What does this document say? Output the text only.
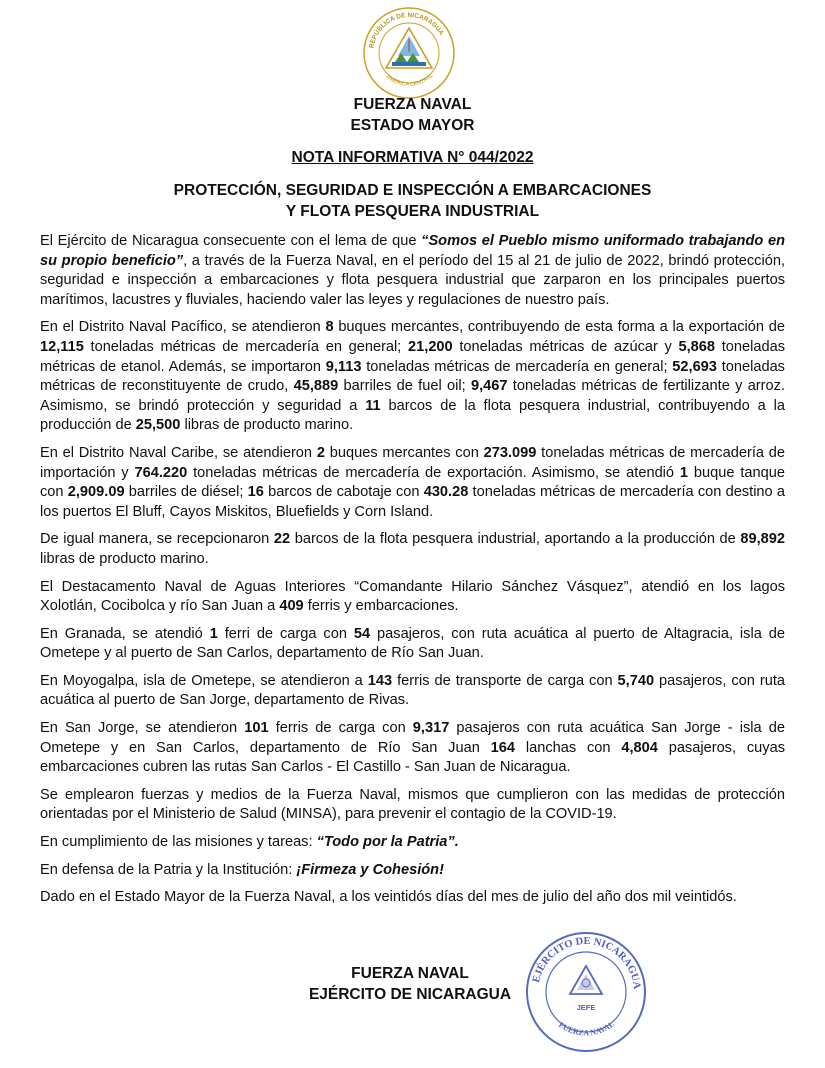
REPÚBLICA DE NICARAGUA
AMÉRICA CENTRAL
FUERZA NAVAL
ESTADO MAYOR
NOTA INFORMATIVA N° 044/2022
PROTECCIÓN, SEGURIDAD E INSPECCIÓN A EMBARCACIONES
Y FLOTA PESQUERA INDUSTRIAL

El Ejército de Nicaragua consecuente con el lema de que “Somos el Pueblo mismo uniformado trabajando en su propio beneficio”, a través de la Fuerza Naval, en el período del 15 al 21 de julio de 2022, brindó protección, seguridad e inspección a embarcaciones y flota pesquera industrial que zarparon en los principales puertos marítimos, lacustres y fluviales, haciendo valer las leyes y regulaciones de nuestro país.

En el Distrito Naval Pacífico, se atendieron 8 buques mercantes, contribuyendo de esta forma a la exportación de 12,115 toneladas métricas de mercadería en general; 21,200 toneladas métricas de azúcar y 5,868 toneladas métricas de etanol. Además, se importaron 9,113 toneladas métricas de mercadería en general; 52,693 toneladas métricas de reconstituyente de crudo, 45,889 barriles de fuel oil; 9,467 toneladas métricas de fertilizante y arroz. Asimismo, se brindó protección y seguridad a 11 barcos de la flota pesquera industrial, contribuyendo a la producción de 25,500 libras de producto marino.

En el Distrito Naval Caribe, se atendieron 2 buques mercantes con 273.099 toneladas métricas de mercadería de importación y 764.220 toneladas métricas de mercadería de exportación. Asimismo, se atendió 1 buque tanque con 2,909.09 barriles de diésel; 16 barcos de cabotaje con 430.28 toneladas métricas de mercadería con destino a los puertos El Bluff, Cayos Miskitos, Bluefields y Corn Island.

De igual manera, se recepcionaron 22 barcos de la flota pesquera industrial, aportando a la producción de 89,892 libras de producto marino.

El Destacamento Naval de Aguas Interiores “Comandante Hilario Sánchez Vásquez”, atendió en los lagos Xolotlán, Cocibolca y río San Juan a 409 ferris y embarcaciones.

En Granada, se atendió 1 ferri de carga con 54 pasajeros, con ruta acuática al puerto de Altagracia, isla de Ometepe y al puerto de San Carlos, departamento de Río San Juan.

En Moyogalpa, isla de Ometepe, se atendieron a 143 ferris de transporte de carga con 5,740 pasajeros, con ruta acuática al puerto de San Jorge, departamento de Rivas.

En San Jorge, se atendieron 101 ferris de carga con 9,317 pasajeros con ruta acuática San Jorge - isla de Ometepe y en San Carlos, departamento de Río San Juan 164 lanchas con 4,804 pasajeros, cuyas embarcaciones cubren las rutas San Carlos - El Castillo - San Juan de Nicaragua.

Se emplearon fuerzas y medios de la Fuerza Naval, mismos que cumplieron con las medidas de protección orientadas por el Ministerio de Salud (MINSA), para prevenir el contagio de la COVID-19.

En cumplimiento de las misiones y tareas: “Todo por la Patria”.

En defensa de la Patria y la Institución: ¡Firmeza y Cohesión!

Dado en el Estado Mayor de la Fuerza Naval, a los veintidós días del mes de julio del año dos mil veintidós.

EJÉRCITO DE NICARAGUA
FUERZA NAVAL
JEFE
FUERZA NAVAL
EJÉRCITO DE NICARAGUA
